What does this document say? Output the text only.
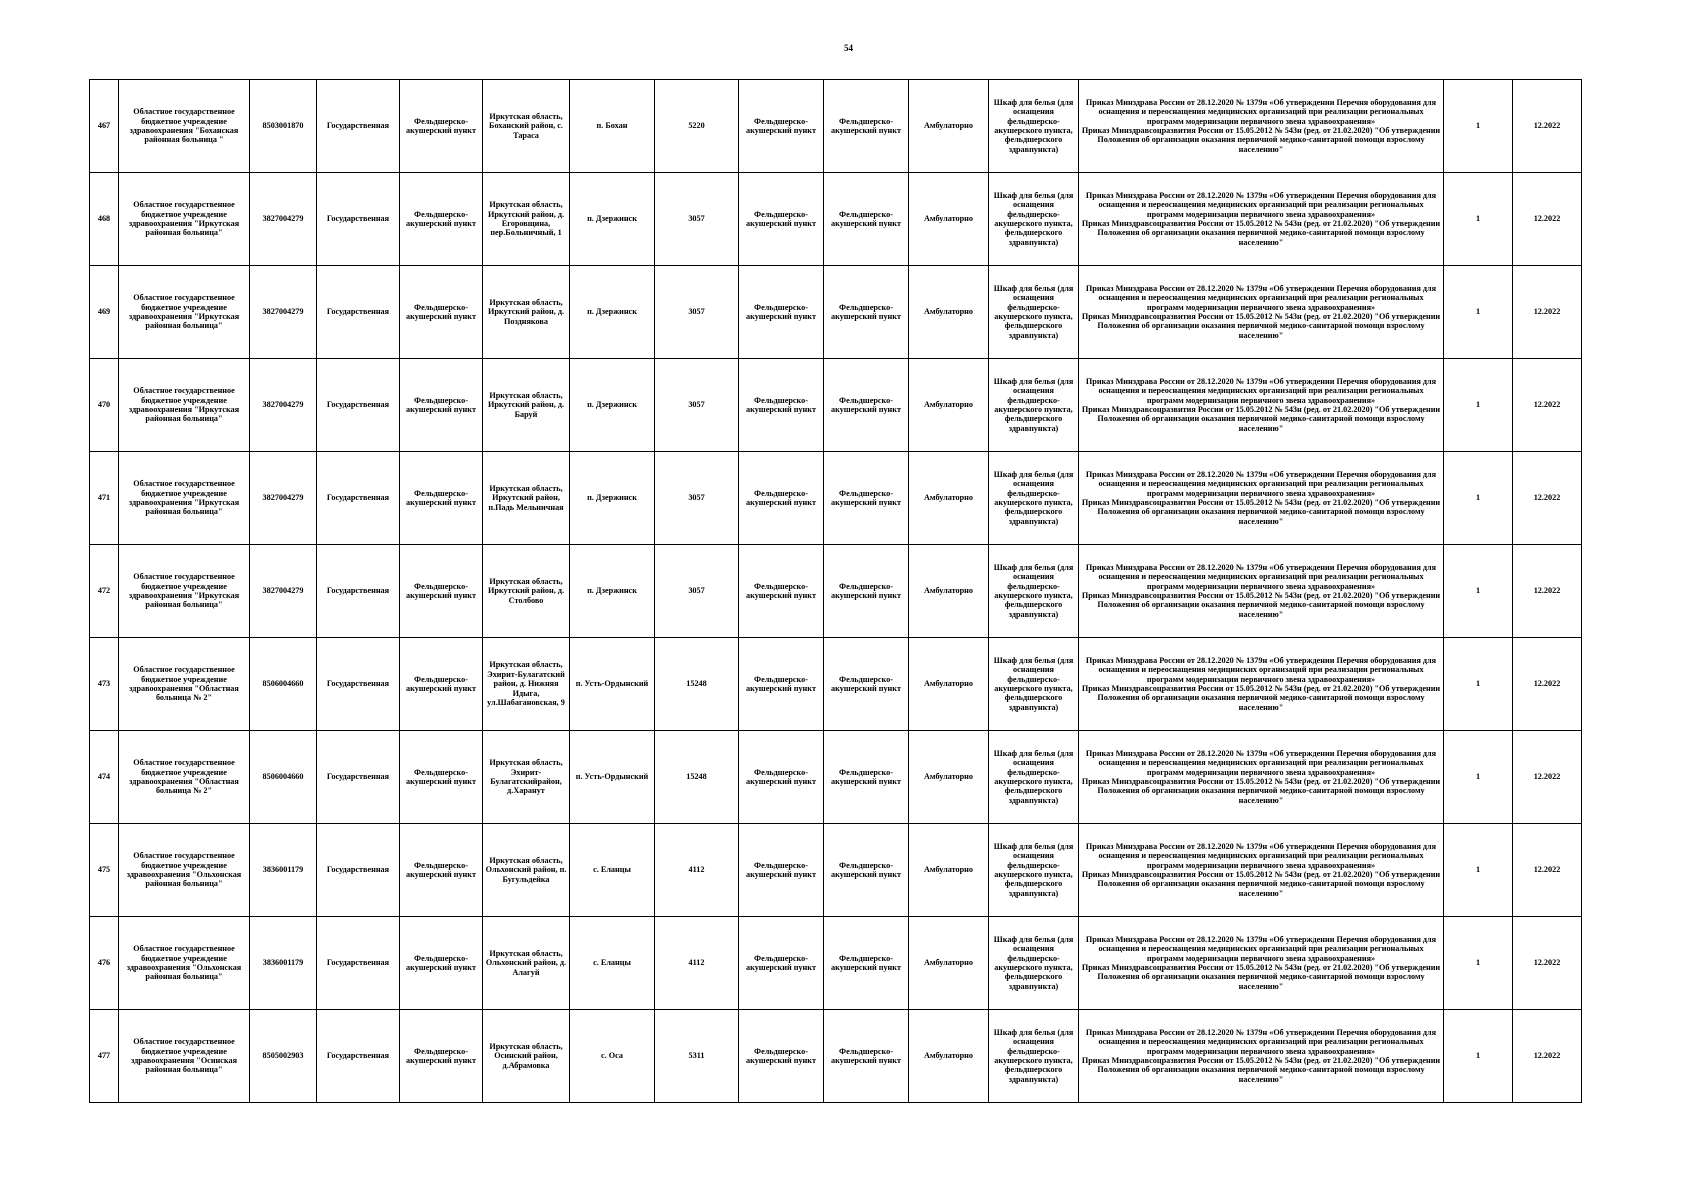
54
467	Областное государственное бюджетное учреждение здравоохранения "Боханская районная больница "	8503001870	Государственная	Фельдшерско-акушерский пункт	Иркутская область, Боханский район, с. Тараса	п. Бохан	5220	Фельдшерско-акушерский пункт	Фельдшерско-акушерский пункт	Амбулаторно	Шкаф для белья (для оснащения фельдшерско-акушерского пункта, фельдшерского здравпункта)	Приказ Минздрава России от 28.12.2020 № 1379н «Об утверждении Перечня оборудования для оснащения и переоснащения медицинских организаций при реализации региональных программ модернизации первичного звена здравоохранения»
Приказ Минздравсоцразвития России от 15.05.2012 № 543н (ред. от 21.02.2020) "Об утверждении Положения об организации оказания первичной медико-санитарной помощи взрослому населению"	1	12.2022
468	Областное государственное бюджетное учреждение здравоохранения "Иркутская районная больница"	3827004279	Государственная	Фельдшерско-акушерский пункт	Иркутская область, Иркутский район, д. Егоровщина, пер.Больничный, 1	п. Дзержинск	3057	Фельдшерско-акушерский пункт	Фельдшерско-акушерский пункт	Амбулаторно	Шкаф для белья (для оснащения фельдшерско-акушерского пункта, фельдшерского здравпункта)	Приказ Минздрава России от 28.12.2020 № 1379н «Об утверждении Перечня оборудования для оснащения и переоснащения медицинских организаций при реализации региональных программ модернизации первичного звена здравоохранения»
Приказ Минздравсоцразвития России от 15.05.2012 № 543н (ред. от 21.02.2020) "Об утверждении Положения об организации оказания первичной медико-санитарной помощи взрослому населению"	1	12.2022
469	Областное государственное бюджетное учреждение здравоохранения "Иркутская районная больница"	3827004279	Государственная	Фельдшерско-акушерский пункт	Иркутская область, Иркутский район, д. Позднякова	п. Дзержинск	3057	Фельдшерско-акушерский пункт	Фельдшерско-акушерский пункт	Амбулаторно	Шкаф для белья (для оснащения фельдшерско-акушерского пункта, фельдшерского здравпункта)	Приказ Минздрава России от 28.12.2020 № 1379н «Об утверждении Перечня оборудования для оснащения и переоснащения медицинских организаций при реализации региональных программ модернизации первичного звена здравоохранения»
Приказ Минздравсоцразвития России от 15.05.2012 № 543н (ред. от 21.02.2020) "Об утверждении Положения об организации оказания первичной медико-санитарной помощи взрослому населению"	1	12.2022
470	Областное государственное бюджетное учреждение здравоохранения "Иркутская районная больница"	3827004279	Государственная	Фельдшерско-акушерский пункт	Иркутская область, Иркутский район, д. Баруй	п. Дзержинск	3057	Фельдшерско-акушерский пункт	Фельдшерско-акушерский пункт	Амбулаторно	Шкаф для белья (для оснащения фельдшерско-акушерского пункта, фельдшерского здравпункта)	Приказ Минздрава России от 28.12.2020 № 1379н «Об утверждении Перечня оборудования для оснащения и переоснащения медицинских организаций при реализации региональных программ модернизации первичного звена здравоохранения»
Приказ Минздравсоцразвития России от 15.05.2012 № 543н (ред. от 21.02.2020) "Об утверждении Положения об организации оказания первичной медико-санитарной помощи взрослому населению"	1	12.2022
471	Областное государственное бюджетное учреждение здравоохранения "Иркутская районная больница"	3827004279	Государственная	Фельдшерско-акушерский пункт	Иркутская область, Иркутский район, п.Падь Мельничная	п. Дзержинск	3057	Фельдшерско-акушерский пункт	Фельдшерско-акушерский пункт	Амбулаторно	Шкаф для белья (для оснащения фельдшерско-акушерского пункта, фельдшерского здравпункта)	Приказ Минздрава России от 28.12.2020 № 1379н «Об утверждении Перечня оборудования для оснащения и переоснащения медицинских организаций при реализации региональных программ модернизации первичного звена здравоохранения»
Приказ Минздравсоцразвития России от 15.05.2012 № 543н (ред. от 21.02.2020) "Об утверждении Положения об организации оказания первичной медико-санитарной помощи взрослому населению"	1	12.2022
472	Областное государственное бюджетное учреждение здравоохранения "Иркутская районная больница"	3827004279	Государственная	Фельдшерско-акушерский пункт	Иркутская область, Иркутский район, д. Столбово	п. Дзержинск	3057	Фельдшерско-акушерский пункт	Фельдшерско-акушерский пункт	Амбулаторно	Шкаф для белья (для оснащения фельдшерско-акушерского пункта, фельдшерского здравпункта)	Приказ Минздрава России от 28.12.2020 № 1379н «Об утверждении Перечня оборудования для оснащения и переоснащения медицинских организаций при реализации региональных программ модернизации первичного звена здравоохранения»
Приказ Минздравсоцразвития России от 15.05.2012 № 543н (ред. от 21.02.2020) "Об утверждении Положения об организации оказания первичной медико-санитарной помощи взрослому населению"	1	12.2022
473	Областное государственное бюджетное учреждение здравоохранения "Областная больница № 2"	8506004660	Государственная	Фельдшерско-акушерский пункт	Иркутская область, Эхирит-Булагатский район, д. Нижняя Идыга, ул.Шабагановская, 9	п. Усть-Ордынский	15248	Фельдшерско-акушерский пункт	Фельдшерско-акушерский пункт	Амбулаторно	Шкаф для белья (для оснащения фельдшерско-акушерского пункта, фельдшерского здравпункта)	Приказ Минздрава России от 28.12.2020 № 1379н «Об утверждении Перечня оборудования для оснащения и переоснащения медицинских организаций при реализации региональных программ модернизации первичного звена здравоохранения»
Приказ Минздравсоцразвития России от 15.05.2012 № 543н (ред. от 21.02.2020) "Об утверждении Положения об организации оказания первичной медико-санитарной помощи взрослому населению"	1	12.2022
474	Областное государственное бюджетное учреждение здравоохранения "Областная больница № 2"	8506004660	Государственная	Фельдшерско-акушерский пункт	Иркутская область, Эхирит-Булагатскийрайон, д.Харанут	п. Усть-Ордынский	15248	Фельдшерско-акушерский пункт	Фельдшерско-акушерский пункт	Амбулаторно	Шкаф для белья (для оснащения фельдшерско-акушерского пункта, фельдшерского здравпункта)	Приказ Минздрава России от 28.12.2020 № 1379н «Об утверждении Перечня оборудования для оснащения и переоснащения медицинских организаций при реализации региональных программ модернизации первичного звена здравоохранения»
Приказ Минздравсоцразвития России от 15.05.2012 № 543н (ред. от 21.02.2020) "Об утверждении Положения об организации оказания первичной медико-санитарной помощи взрослому населению"	1	12.2022
475	Областное государственное бюджетное учреждение здравоохранения "Ольхонская районная больница"	3836001179	Государственная	Фельдшерско-акушерский пункт	Иркутская область, Ольхонский район, п. Бугульдейка	с. Еланцы	4112	Фельдшерско-акушерский пункт	Фельдшерско-акушерский пункт	Амбулаторно	Шкаф для белья (для оснащения фельдшерско-акушерского пункта, фельдшерского здравпункта)	Приказ Минздрава России от 28.12.2020 № 1379н «Об утверждении Перечня оборудования для оснащения и переоснащения медицинских организаций при реализации региональных программ модернизации первичного звена здравоохранения»
Приказ Минздравсоцразвития России от 15.05.2012 № 543н (ред. от 21.02.2020) "Об утверждении Положения об организации оказания первичной медико-санитарной помощи взрослому населению"	1	12.2022
476	Областное государственное бюджетное учреждение здравоохранения "Ольхонская районная больница"	3836001179	Государственная	Фельдшерско-акушерский пункт	Иркутская область, Ольхонский район, д. Алагуй	с. Еланцы	4112	Фельдшерско-акушерский пункт	Фельдшерско-акушерский пункт	Амбулаторно	Шкаф для белья (для оснащения фельдшерско-акушерского пункта, фельдшерского здравпункта)	Приказ Минздрава России от 28.12.2020 № 1379н «Об утверждении Перечня оборудования для оснащения и переоснащения медицинских организаций при реализации региональных программ модернизации первичного звена здравоохранения»
Приказ Минздравсоцразвития России от 15.05.2012 № 543н (ред. от 21.02.2020) "Об утверждении Положения об организации оказания первичной медико-санитарной помощи взрослому населению"	1	12.2022
477	Областное государственное бюджетное учреждение здравоохранения "Осинская районная больница"	8505002903	Государственная	Фельдшерско-акушерский пункт	Иркутская область, Осинский район, д.Абрамовка	с. Оса	5311	Фельдшерско-акушерский пункт	Фельдшерско-акушерский пункт	Амбулаторно	Шкаф для белья (для оснащения фельдшерско-акушерского пункта, фельдшерского здравпункта)	Приказ Минздрава России от 28.12.2020 № 1379н «Об утверждении Перечня оборудования для оснащения и переоснащения медицинских организаций при реализации региональных программ модернизации первичного звена здравоохранения»
Приказ Минздравсоцразвития России от 15.05.2012 № 543н (ред. от 21.02.2020) "Об утверждении Положения об организации оказания первичной медико-санитарной помощи взрослому населению"	1	12.2022
